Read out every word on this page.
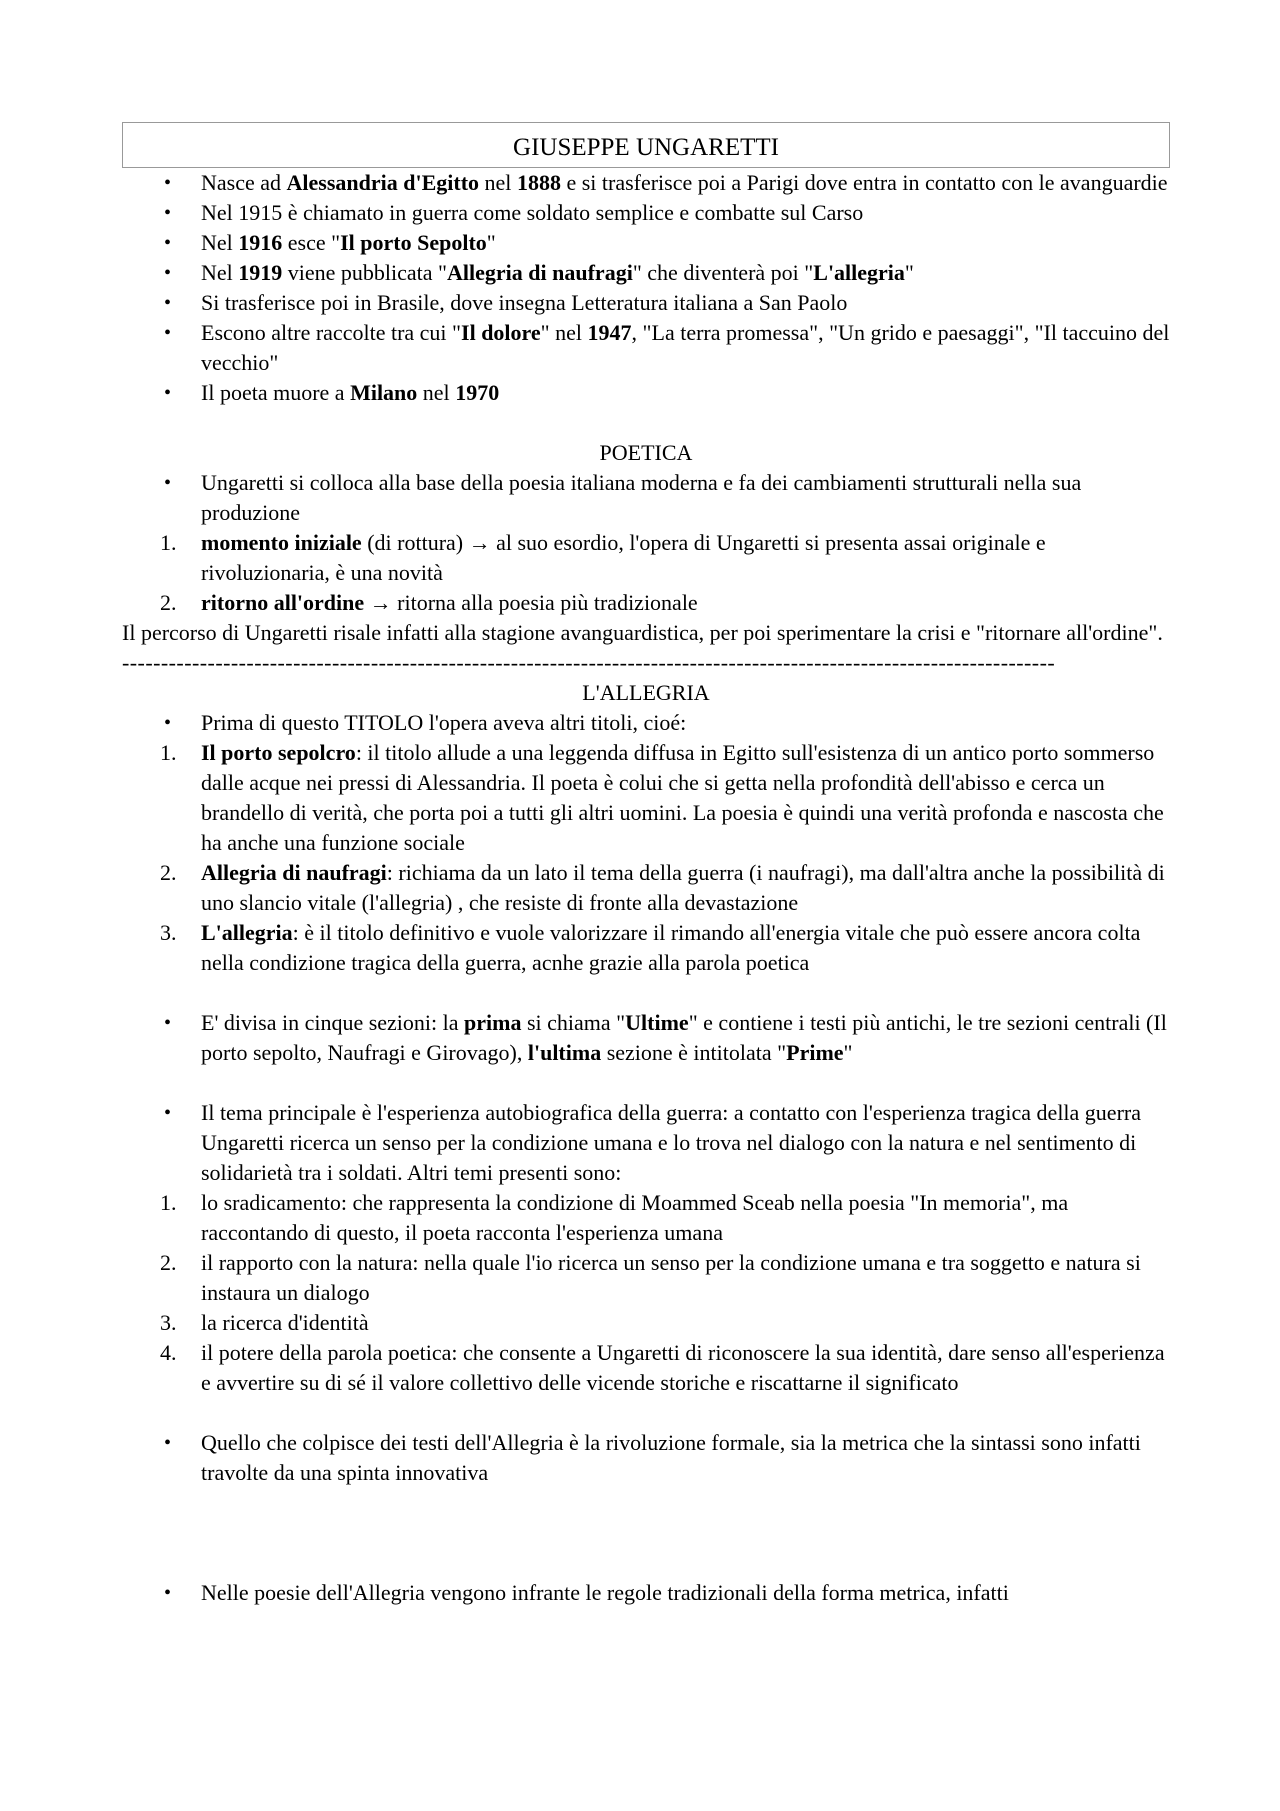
GIUSEPPE UNGARETTI
•	Nasce ad Alessandria d'Egitto nel 1888 e si trasferisce poi a Parigi dove entra in contatto con le avanguardie
•	Nel 1915 è chiamato in guerra come soldato semplice e combatte sul Carso
•	Nel 1916 esce "Il porto Sepolto"
•	Nel 1919 viene pubblicata "Allegria di naufragi" che diventerà poi "L'allegria"
•	Si trasferisce poi in Brasile, dove insegna Letteratura italiana a San Paolo
•	Escono altre raccolte tra cui "Il dolore" nel 1947, "La terra promessa", "Un grido e paesaggi", "Il taccuino del vecchio"
•	Il poeta muore a Milano nel 1970
POETICA
•	Ungaretti si colloca alla base della poesia italiana moderna e fa dei cambiamenti strutturali nella sua produzione
1.	momento iniziale (di rottura) → al suo esordio, l'opera di Ungaretti si presenta assai originale e rivoluzionaria, è una novità
2.	ritorno all'ordine → ritorna alla poesia più tradizionale

Il percorso di Ungaretti risale infatti alla stagione avanguardistica, per poi sperimentare la crisi e "ritornare all'ordine".

------------------------------------------------------------------------------------------------------------------------
L'ALLEGRIA
•	Prima di questo TITOLO l'opera aveva altri titoli, cioé:
1.	Il porto sepolcro: il titolo allude a una leggenda diffusa in Egitto sull'esistenza di un antico porto sommerso dalle acque nei pressi di Alessandria. Il poeta è colui che si getta nella profondità dell'abisso e cerca un brandello di verità, che porta poi a tutti gli altri uomini. La poesia è quindi una verità profonda e nascosta che ha anche una funzione sociale
2.	Allegria di naufragi: richiama da un lato il tema della guerra (i naufragi), ma dall'altra anche la possibilità di uno slancio vitale (l'allegria) , che resiste di fronte alla devastazione
3.	L'allegria: è il titolo definitivo e vuole valorizzare il rimando all'energia vitale che può essere ancora colta nella condizione tragica della guerra, acnhe grazie alla parola poetica
•	E' divisa in cinque sezioni: la prima si chiama "Ultime" e contiene i testi più antichi, le tre sezioni centrali (Il porto sepolto, Naufragi e Girovago), l'ultima sezione è intitolata "Prime"
•	Il tema principale è l'esperienza autobiografica della guerra: a contatto con l'esperienza tragica della guerra Ungaretti ricerca un senso per la condizione umana e lo trova nel dialogo con la natura e nel sentimento di solidarietà tra i soldati. Altri temi presenti sono:
1.	lo sradicamento: che rappresenta la condizione di Moammed Sceab nella poesia "In memoria", ma raccontando di questo, il poeta racconta l'esperienza umana
2.	il rapporto con la natura: nella quale l'io ricerca un senso per la condizione umana e tra soggetto e natura si instaura un dialogo
3.	la ricerca d'identità
4.	il potere della parola poetica: che consente a Ungaretti di riconoscere la sua identità, dare senso all'esperienza e avvertire su di sé il valore collettivo delle vicende storiche e riscattarne il significato
•	Quello che colpisce dei testi dell'Allegria è la rivoluzione formale, sia la metrica che la sintassi sono infatti travolte da una spinta innovativa
•	Nelle poesie dell'Allegria vengono infrante le regole tradizionali della forma metrica, infatti
